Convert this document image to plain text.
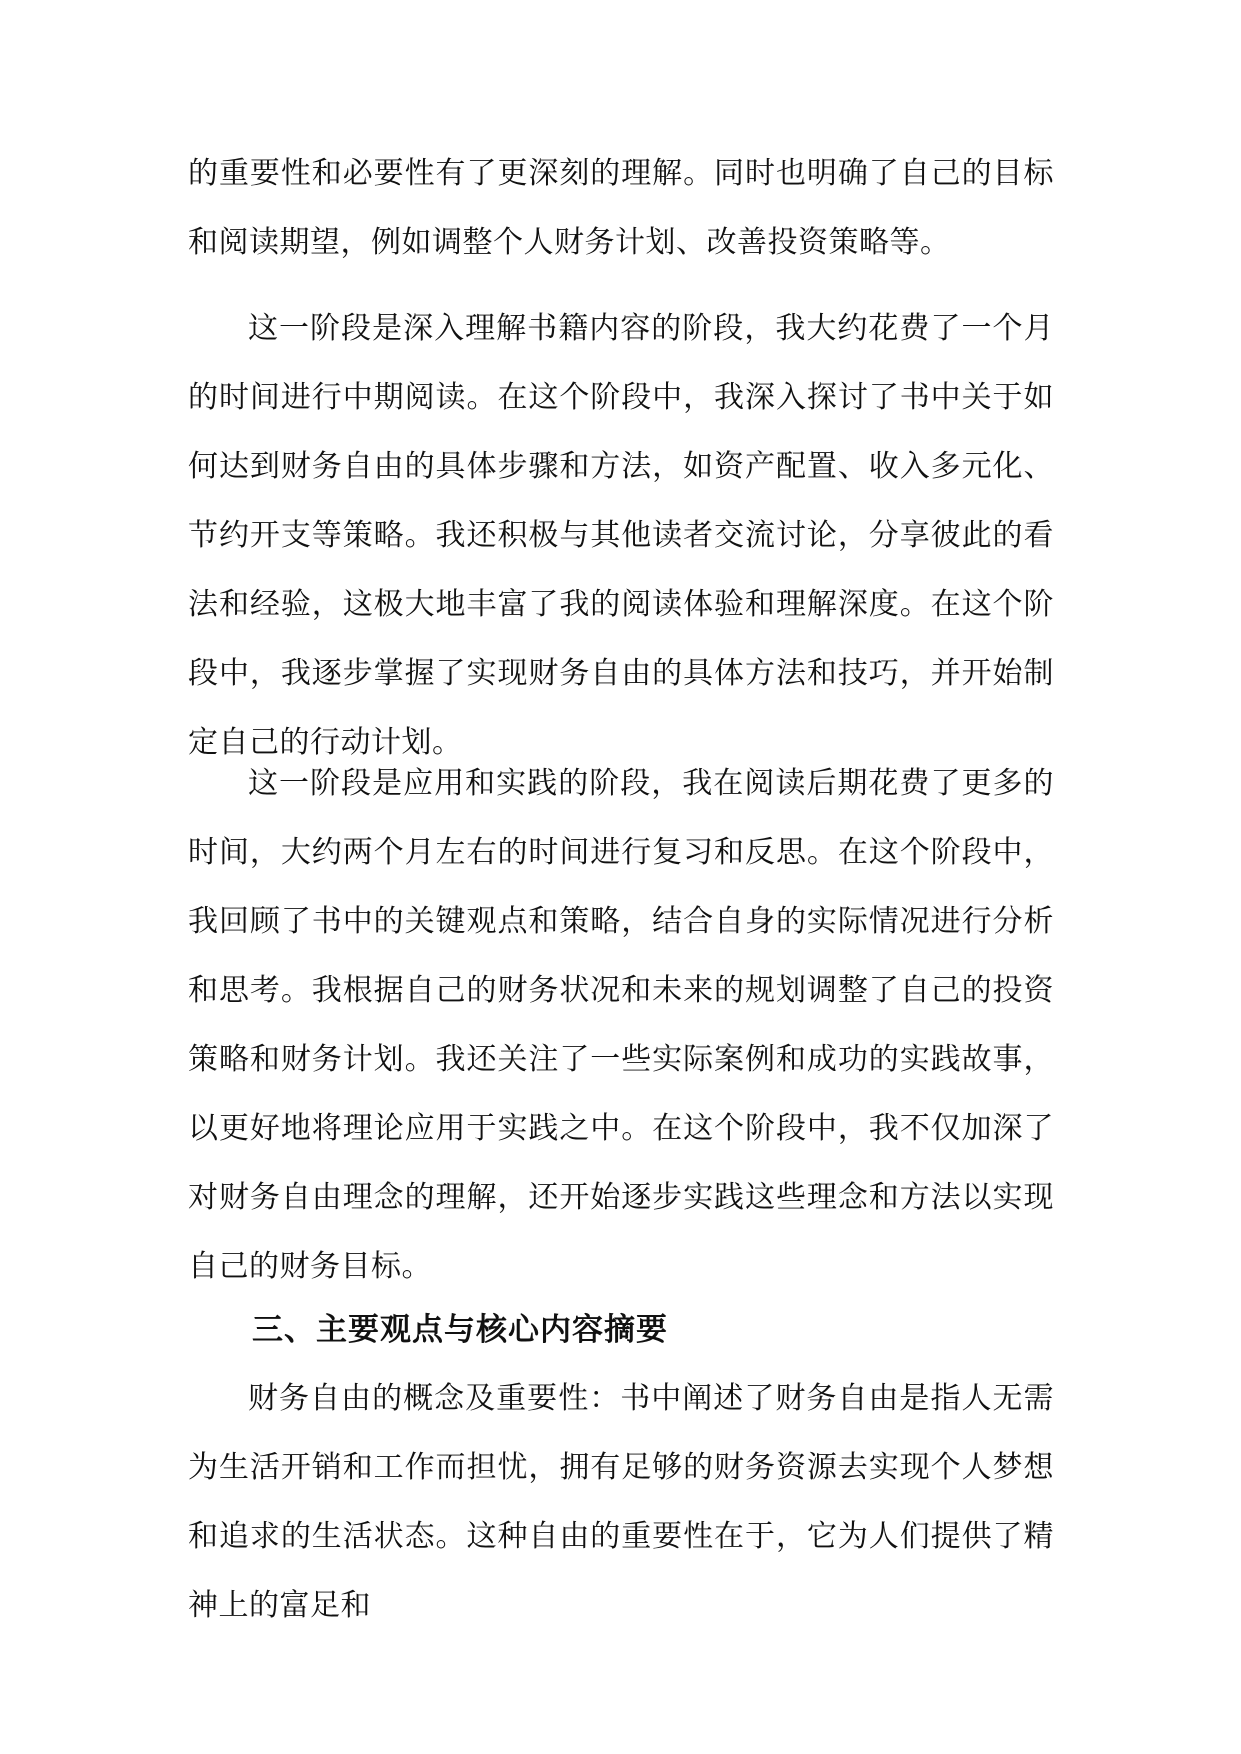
的重要性和必要性有了更深刻的理解。同时也明确了自己的目标和阅读期望，例如调整个人财务计划、改善投资策略等。

这一阶段是深入理解书籍内容的阶段，我大约花费了一个月的时间进行中期阅读。在这个阶段中，我深入探讨了书中关于如何达到财务自由的具体步骤和方法，如资产配置、收入多元化、节约开支等策略。我还积极与其他读者交流讨论，分享彼此的看法和经验，这极大地丰富了我的阅读体验和理解深度。在这个阶段中，我逐步掌握了实现财务自由的具体方法和技巧，并开始制定自己的行动计划。

这一阶段是应用和实践的阶段，我在阅读后期花费了更多的时间，大约两个月左右的时间进行复习和反思。在这个阶段中，我回顾了书中的关键观点和策略，结合自身的实际情况进行分析和思考。我根据自己的财务状况和未来的规划调整了自己的投资策略和财务计划。我还关注了一些实际案例和成功的实践故事，以更好地将理论应用于实践之中。在这个阶段中，我不仅加深了对财务自由理念的理解，还开始逐步实践这些理念和方法以实现自己的财务目标。

三、主要观点与核心内容摘要

财务自由的概念及重要性：书中阐述了财务自由是指人无需为生活开销和工作而担忧，拥有足够的财务资源去实现个人梦想和追求的生活状态。这种自由的重要性在于，它为人们提供了精神上的富足和
